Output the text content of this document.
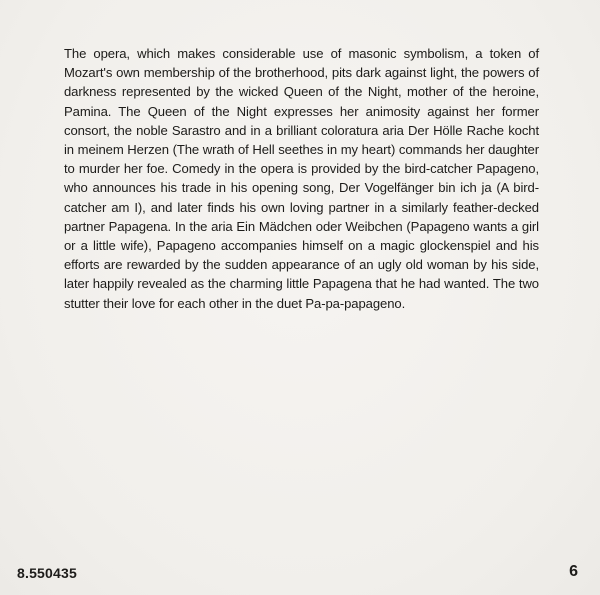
The opera, which makes considerable use of masonic symbolism, a token of Mozart's own membership of the brotherhood, pits dark against light, the powers of darkness represented by the wicked Queen of the Night, mother of the heroine, Pamina. The Queen of the Night expresses her animosity against her former consort, the noble Sarastro and in a brilliant coloratura aria Der Hölle Rache kocht in meinem Herzen (The wrath of Hell seethes in my heart) commands her daughter to murder her foe. Comedy in the opera is provided by the bird-catcher Papageno, who announces his trade in his opening song, Der Vogelfänger bin ich ja (A bird-catcher am I), and later finds his own loving partner in a similarly feather-decked partner Papagena. In the aria Ein Mädchen oder Weibchen (Papageno wants a girl or a little wife), Papageno accompanies himself on a magic glockenspiel and his efforts are rewarded by the sudden appearance of an ugly old woman by his side, later happily revealed as the charming little Papagena that he had wanted. The two stutter their love for each other in the duet Pa-pa-papageno.

8.550435	6
